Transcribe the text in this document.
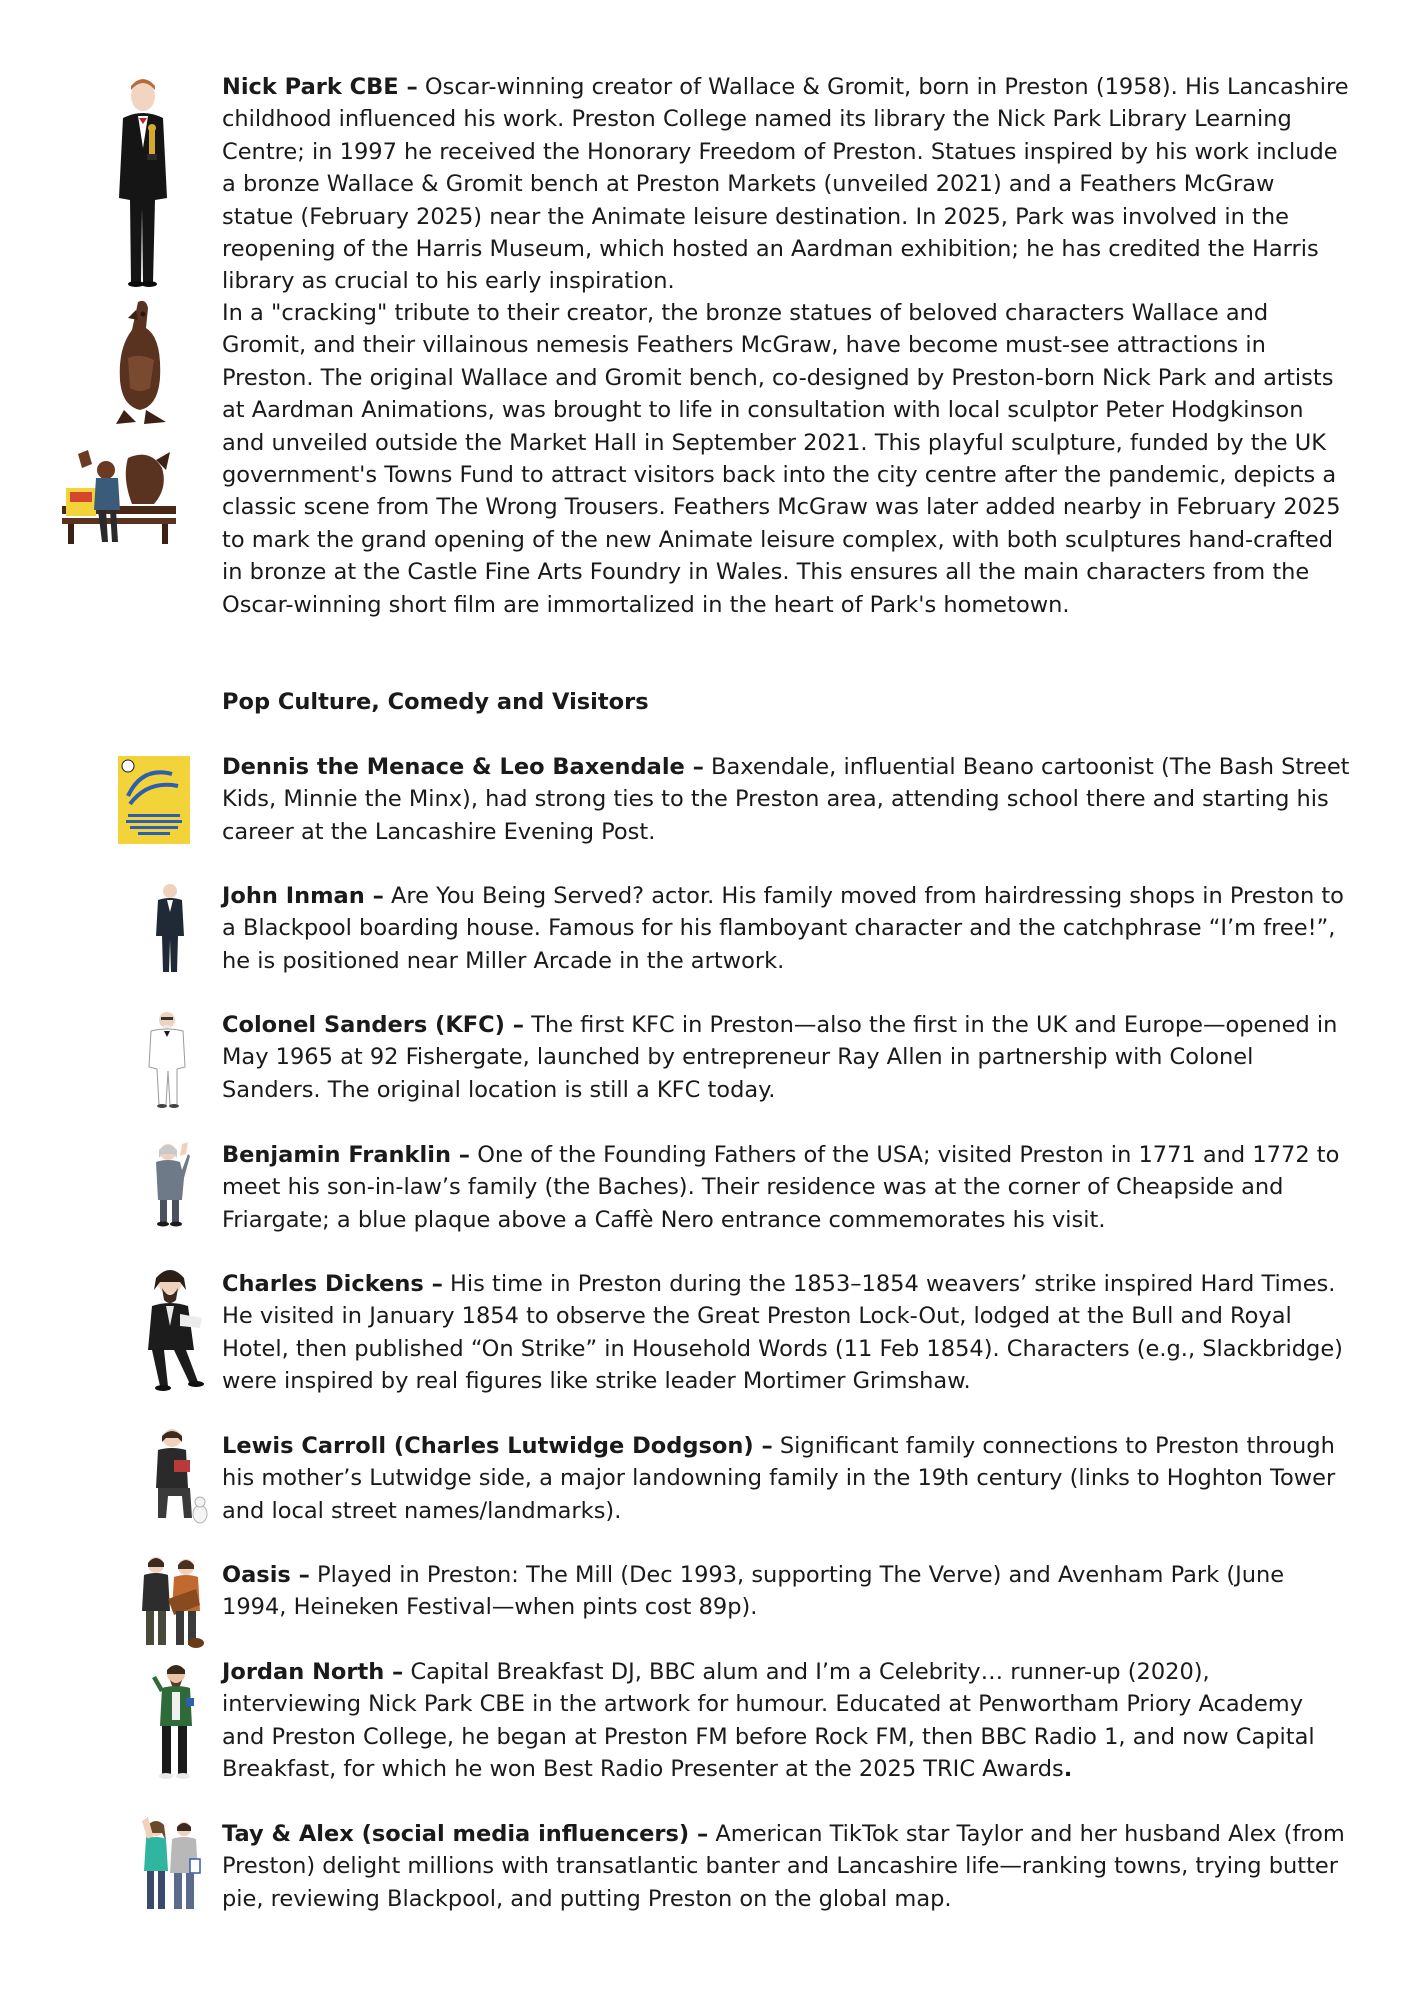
Nick Park CBE – Oscar-winning creator of Wallace & Gromit, born in Preston (1958). His Lancashire childhood influenced his work. Preston College named its library the Nick Park Library Learning Centre; in 1997 he received the Honorary Freedom of Preston. Statues inspired by his work include a bronze Wallace & Gromit bench at Preston Markets (unveiled 2021) and a Feathers McGraw statue (February 2025) near the Animate leisure destination. In 2025, Park was involved in the reopening of the Harris Museum, which hosted an Aardman exhibition; he has credited the Harris library as crucial to his early inspiration.
In a "cracking" tribute to their creator, the bronze statues of beloved characters Wallace and Gromit, and their villainous nemesis Feathers McGraw, have become must-see attractions in Preston. The original Wallace and Gromit bench, co-designed by Preston-born Nick Park and artists at Aardman Animations, was brought to life in consultation with local sculptor Peter Hodgkinson and unveiled outside the Market Hall in September 2021. This playful sculpture, funded by the UK government's Towns Fund to attract visitors back into the city centre after the pandemic, depicts a classic scene from The Wrong Trousers. Feathers McGraw was later added nearby in February 2025 to mark the grand opening of the new Animate leisure complex, with both sculptures hand-crafted in bronze at the Castle Fine Arts Foundry in Wales. This ensures all the main characters from the Oscar-winning short film are immortalized in the heart of Park's hometown.
Pop Culture, Comedy and Visitors
Dennis the Menace & Leo Baxendale – Baxendale, influential Beano cartoonist (The Bash Street Kids, Minnie the Minx), had strong ties to the Preston area, attending school there and starting his career at the Lancashire Evening Post.
John Inman – Are You Being Served? actor. His family moved from hairdressing shops in Preston to a Blackpool boarding house. Famous for his flamboyant character and the catchphrase “I’m free!”, he is positioned near Miller Arcade in the artwork.
Colonel Sanders (KFC) – The first KFC in Preston—also the first in the UK and Europe—opened in May 1965 at 92 Fishergate, launched by entrepreneur Ray Allen in partnership with Colonel Sanders. The original location is still a KFC today.
Benjamin Franklin – One of the Founding Fathers of the USA; visited Preston in 1771 and 1772 to meet his son-in-law’s family (the Baches). Their residence was at the corner of Cheapside and Friargate; a blue plaque above a Caffè Nero entrance commemorates his visit.
Charles Dickens – His time in Preston during the 1853–1854 weavers’ strike inspired Hard Times. He visited in January 1854 to observe the Great Preston Lock-Out, lodged at the Bull and Royal Hotel, then published “On Strike” in Household Words (11 Feb 1854). Characters (e.g., Slackbridge) were inspired by real figures like strike leader Mortimer Grimshaw.
Lewis Carroll (Charles Lutwidge Dodgson) – Significant family connections to Preston through his mother’s Lutwidge side, a major landowning family in the 19th century (links to Hoghton Tower and local street names/landmarks).
Oasis – Played in Preston: The Mill (Dec 1993, supporting The Verve) and Avenham Park (June 1994, Heineken Festival—when pints cost 89p).
Jordan North – Capital Breakfast DJ, BBC alum and I’m a Celebrity… runner-up (2020), interviewing Nick Park CBE in the artwork for humour. Educated at Penwortham Priory Academy and Preston College, he began at Preston FM before Rock FM, then BBC Radio 1, and now Capital Breakfast, for which he won Best Radio Presenter at the 2025 TRIC Awards.
Tay & Alex (social media influencers) – American TikTok star Taylor and her husband Alex (from Preston) delight millions with transatlantic banter and Lancashire life—ranking towns, trying butter pie, reviewing Blackpool, and putting Preston on the global map.
